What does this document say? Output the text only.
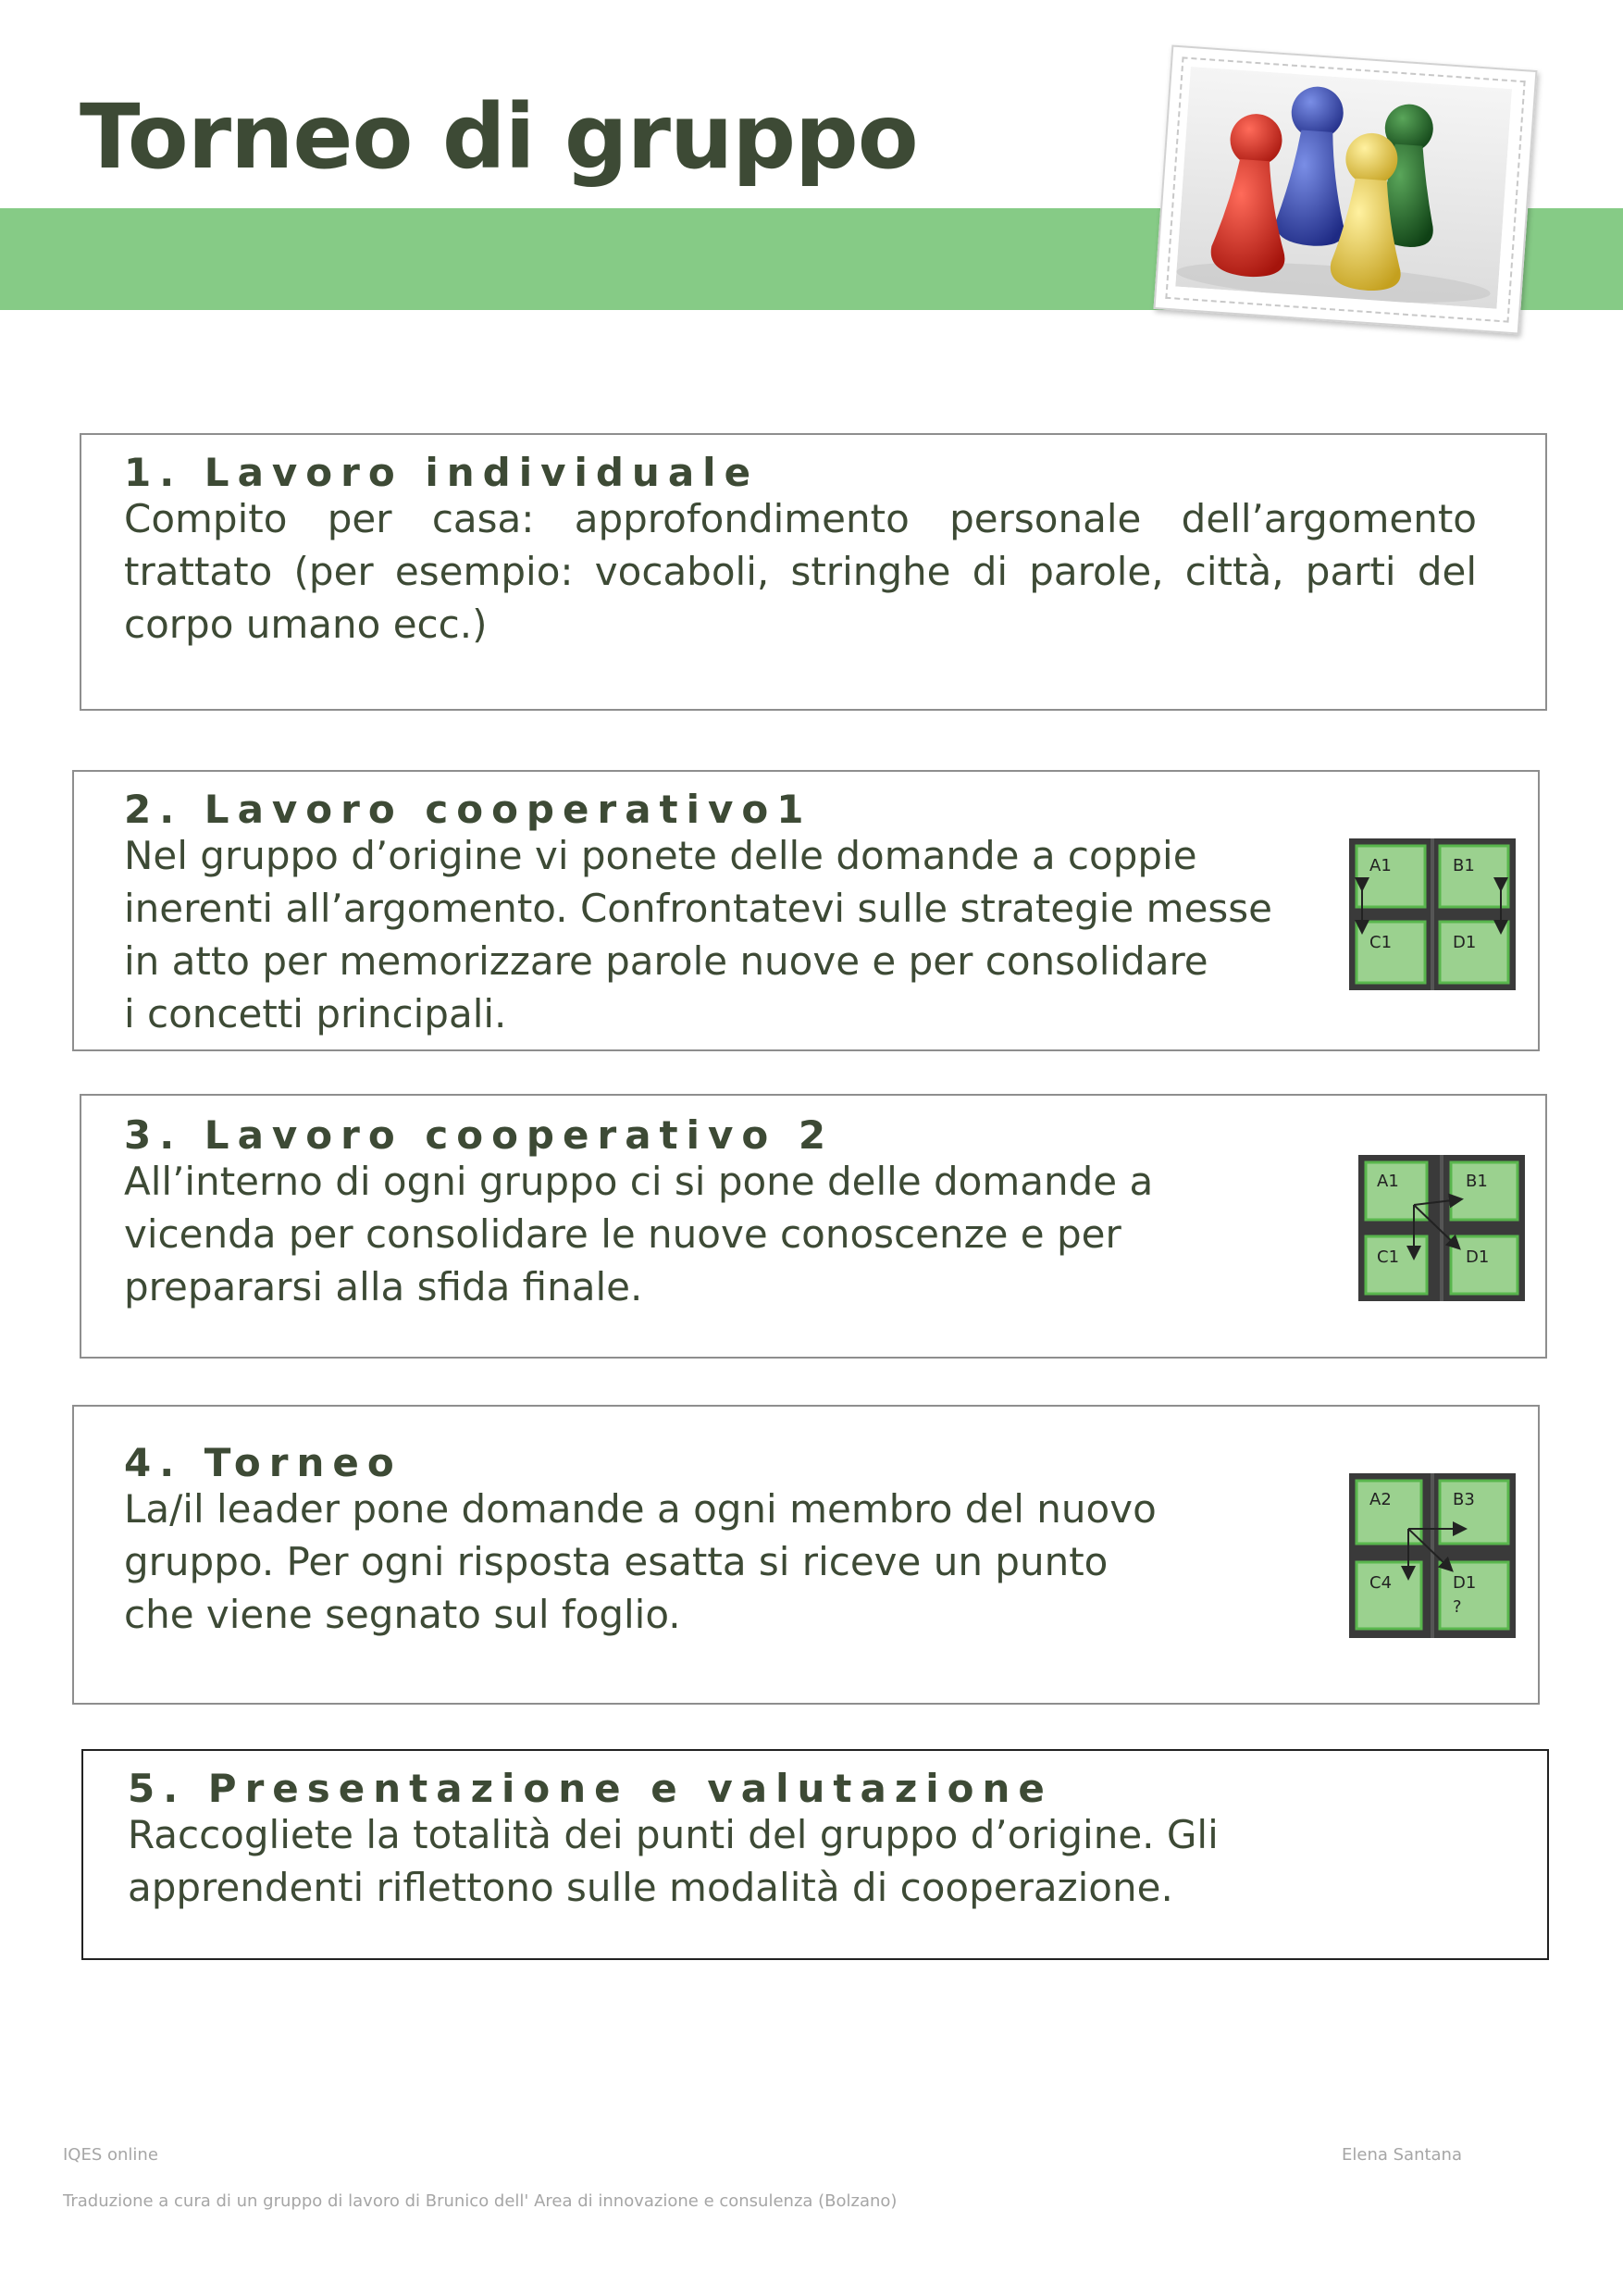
Torneo di gruppo
1. Lavoro individuale

Compito per casa: approfondimento personale dell’argomento trattato (per esempio: vocaboli, stringhe di parole, città, parti del corpo umano ecc.)

2. Lavoro cooperativo1

Nel gruppo d’origine vi ponete delle domande a coppie
inerenti all’argomento. Confrontatevi sulle strategie messe
in atto per memorizzare parole nuove e per consolidare
i concetti principali.

A1	B1
C1	D1
3. Lavoro cooperativo 2

All’interno di ogni gruppo ci si pone delle domande a
vicenda per consolidare le nuove conoscenze e per
prepararsi alla sfida finale.

A1	B1
C1	D1
4. Torneo

La/il leader pone domande a ogni membro del nuovo
gruppo. Per ogni risposta esatta si riceve un punto
che viene segnato sul foglio.

A2	B3
C4	D1
?
5. Presentazione e valutazione

Raccogliete la totalità dei punti del gruppo d’origine. Gli
apprendenti riflettono sulle modalità di cooperazione.

IQES online	Elena Santana
Traduzione a cura di un gruppo di lavoro di Brunico dell' Area di innovazione e consulenza (Bolzano)
